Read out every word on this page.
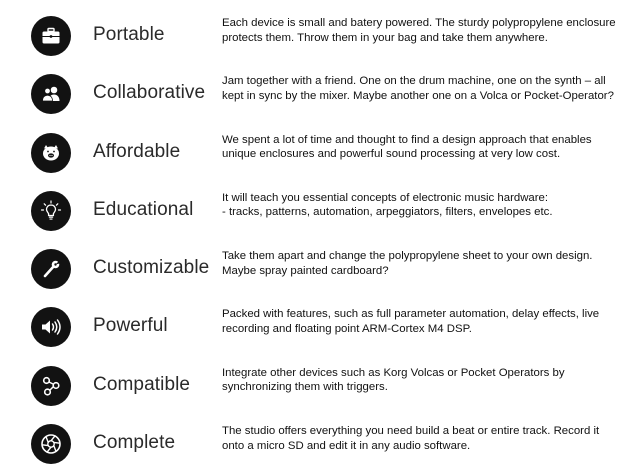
Portable
Each device is small and batery powered. The sturdy polypropylene enclosure protects them. Throw them in your bag and take them anywhere.
Collaborative
Jam together with a friend. One on the drum machine, one on the synth – all kept in sync by the mixer. Maybe another one on a Volca or Pocket-Operator?
Affordable
We spent a lot of time and thought to find a design approach that enables unique enclosures and powerful sound processing at very low cost.
Educational
It will teach you essential concepts of electronic music hardware:
- tracks, patterns, automation, arpeggiators, filters, envelopes etc.
Customizable
Take them apart and change the polypropylene sheet to your own design. Maybe spray painted cardboard?
Powerful
Packed with features, such as full parameter automation, delay effects, live recording and floating point ARM-Cortex M4 DSP.
Compatible
Integrate other devices such as Korg Volcas or Pocket Operators by synchronizing them with triggers.
Complete
The studio offers everything you need build a beat or entire track. Record it onto a micro SD and edit it in any audio software.
